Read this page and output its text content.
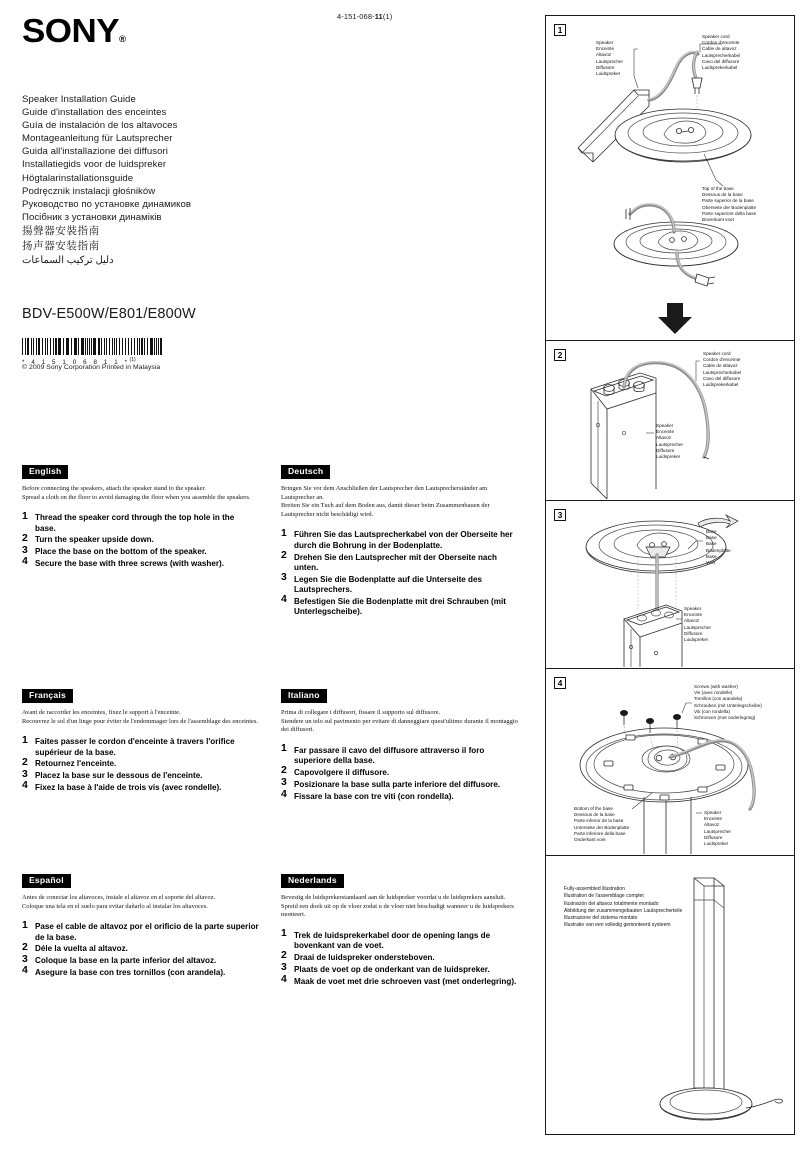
4-151-068-11(1)
SONY®
Speaker Installation Guide
Guide d'installation des enceintes
Guía de instalación de los altavoces
Montageanleitung für Lautsprecher
Guida all'installazione dei diffusori
Installatiegids voor de luidspreker
Högtalarinstallationsguide
Podręcznik instalacji głośników
Руководство по установке динамиков
Посібник з установки динаміків
揚聲器安裝指南
扬声器安装指南
دليل تركيب السماعات
BDV-E500W/E801/E800W
* 4 1 5 1 0 6 8 1 1 *$^{(1)}$
© 2009 Sony Corporation Printed in Malaysia
English
Before connecting the speakers, attach the speaker stand to the speaker.
Spread a cloth on the floor to avoid damaging the floor when you assemble the speakers.
1 Thread the speaker cord through the top hole in the base.
2 Turn the speaker upside down.
3 Place the base on the bottom of the speaker.
4 Secure the base with three screws (with washer).
Deutsch
Bringen Sie vor dem Anschließen der Lautsprecher den Lautsprecherständer am Lautsprecher an.
Breiten Sie ein Tuch auf dem Boden aus, damit dieser beim Zusammenbauen der Lautsprecher nicht beschädigt wird.
1 Führen Sie das Lautsprecherkabel von der Oberseite her durch die Bohrung in der Bodenplatte.
2 Drehen Sie den Lautsprecher mit der Oberseite nach unten.
3 Legen Sie die Bodenplatte auf die Unterseite des Lautsprechers.
4 Befestigen Sie die Bodenplatte mit drei Schrauben (mit Unterlegscheibe).
Français
Avant de raccorder les enceintes, fixez le support à l'enceinte.
Recouvrez le sol d'un linge pour éviter de l'endommager lors de l'assemblage des enceintes.
1 Faites passer le cordon d'enceinte à travers l'orifice supérieur de la base.
2 Retournez l'enceinte.
3 Placez la base sur le dessous de l'enceinte.
4 Fixez la base à l'aide de trois vis (avec rondelle).
Italiano
Prima di collegare i diffusori, fissare il supporto sul diffusore.
Stendere un telo sul pavimento per evitare di danneggiare quest'ultimo durante il montaggio dei diffusori.
1 Far passare il cavo del diffusore attraverso il foro superiore della base.
2 Capovolgere il diffusore.
3 Posizionare la base sulla parte inferiore del diffusore.
4 Fissare la base con tre viti (con rondella).
Español
Antes de conectar los altavoces, instale el altavoz en el soporte del altavoz.
Coloque una tela en el suelo para evitar dañarlo al instalar los altavoces.
1 Pase el cable de altavoz por el orificio de la parte superior de la base.
2 Déle la vuelta al altavoz.
3 Coloque la base en la parte inferior del altavoz.
4 Asegure la base con tres tornillos (con arandela).
Nederlands
Bevestig de luidsprekerstandaard aan de luidspreker voordat u de luidsprekers aansluit.
Spreid een doek uit op de vloer zodat u de vloer niet beschadigt wanneer u de luidsprekers monteert.
1 Trek de luidsprekerkabel door de opening langs de bovenkant van de voet.
2 Draai de luidspreker ondersteboven.
3 Plaats de voet op de onderkant van de luidspreker.
4 Maak de voet met drie schroeven vast (met onderlegring).
1
Speaker
Enceinte
Altavoz
Lautsprecher
Diffusore
Luidspreker
Speaker cord
Cordon d'enceinte
Cable de altavoz
Lautsprecherkabel
Cavo del diffusore
Luidsprekerkabel
Top of the base
Dessous de la base
Parte superior de la base
Oberseite der Bodenplatte
Parte superiore della base
Bovenkant voet
2	Speaker cord
Cordon d'enceinte
Cable de altavoz
Lautsprecherkabel
Cavo del diffusore
Luidsprekerkabel
Speaker
Enceinte
Altavoz
Lautsprecher
Diffusore
Luidspreker
3
Base
Base
Base
Bodenplatte
Base
Voet
Speaker
Enceinte
Altavoz
Lautsprecher
Diffusore
Luidspreker
4	Screws (with washer)
Vis (avec rondelle)
Tornillos (con arandela)
Schrauben (mit Unterlegscheibe)
Viti (con rondella)
Schroeven (met onderlegring)
Bottom of the base
Dessous de la base
Parte inferior de la base
Unterseite der Bodenplatte
Parte inferiore della base
Onderkant voet
Speaker
Enceinte
Altavoz
Lautsprecher
Diffusore
Luidspreker
Fully-assembled illustration
Illustration de l'assemblage complet
Ilustración del altavoz totalmente montado
Abbildung der zusammengebauten Lautsprecherteile
Illustrazione del sistema montato
Illustratie van een volledig gemonteerd systeem
